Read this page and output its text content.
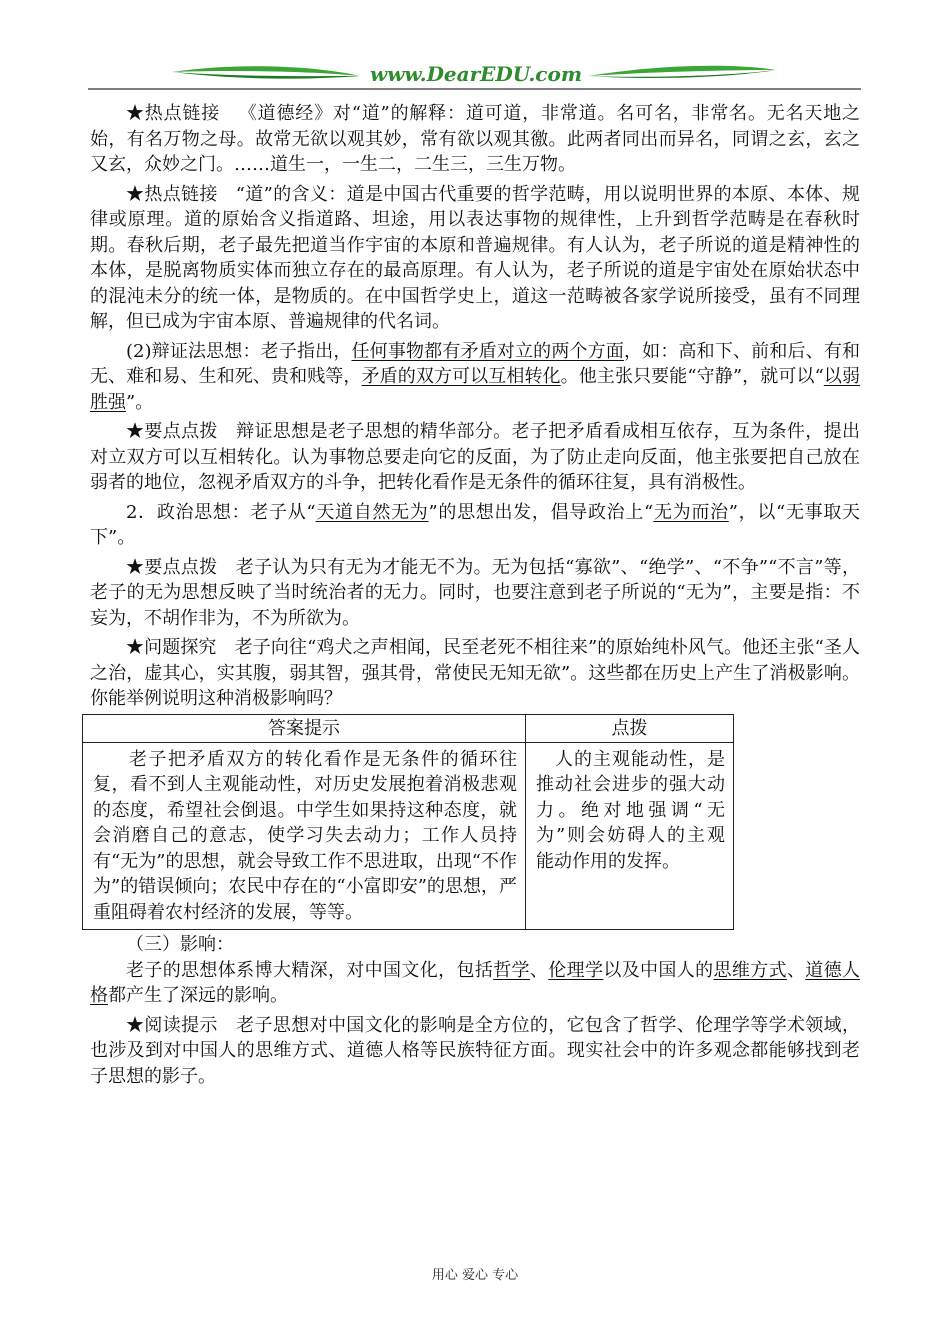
www.DearEDU.com

★热点链接 《道德经》对“道”的解释：道可道，非常道。名可名，非常名。无名天地之始，有名万物之母。故常无欲以观其妙，常有欲以观其徼。此两者同出而异名，同谓之玄，玄之又玄，众妙之门。……道生一，一生二，二生三，三生万物。

★热点链接 “道”的含义：道是中国古代重要的哲学范畴，用以说明世界的本原、本体、规律或原理。道的原始含义指道路、坦途，用以表达事物的规律性，上升到哲学范畴是在春秋时期。春秋后期，老子最先把道当作宇宙的本原和普遍规律。有人认为，老子所说的道是精神性的本体，是脱离物质实体而独立存在的最高原理。有人认为，老子所说的道是宇宙处在原始状态中的混沌未分的统一体，是物质的。在中国哲学史上，道这一范畴被各家学说所接受，虽有不同理解，但已成为宇宙本原、普遍规律的代名词。

(2)辩证法思想：老子指出，任何事物都有矛盾对立的两个方面，如：高和下、前和后、有和无、难和易、生和死、贵和贱等，矛盾的双方可以互相转化。他主张只要能“守静”，就可以“以弱胜强”。

★要点点拨 辩证思想是老子思想的精华部分。老子把矛盾看成相互依存，互为条件，提出对立双方可以互相转化。认为事物总要走向它的反面，为了防止走向反面，他主张要把自己放在弱者的地位，忽视矛盾双方的斗争，把转化看作是无条件的循环往复，具有消极性。

2．政治思想：老子从“天道自然无为”的思想出发，倡导政治上“无为而治”，以“无事取天下”。

★要点点拨 老子认为只有无为才能无不为。无为包括“寡欲”、“绝学”、“不争”“不言”等，老子的无为思想反映了当时统治者的无力。同时，也要注意到老子所说的“无为”，主要是指：不妄为，不胡作非为，不为所欲为。

★问题探究 老子向往“鸡犬之声相闻，民至老死不相往来”的原始纯朴风气。他还主张“圣人之治，虚其心，实其腹，弱其智，强其骨，常使民无知无欲”。这些都在历史上产生了消极影响。你能举例说明这种消极影响吗？

答案提示	点拨
老子把矛盾双方的转化看作是无条件的循环往复，看不到人主观能动性，对历史发展抱着消极悲观的态度，希望社会倒退。中学生如果持这种态度，就会消磨自己的意志，使学习失去动力；工作人员持有“无为”的思想，就会导致工作不思进取，出现“不作为”的错误倾向；农民中存在的“小富即安”的思想，严重阻碍着农村经济的发展，等等。	人的主观能动性，是推动社会进步的强大动力。绝对地强调“无为”则会妨碍人的主观能动作用的发挥。

（三）影响：

老子的思想体系博大精深，对中国文化，包括哲学、伦理学以及中国人的思维方式、道德人格都产生了深远的影响。

★阅读提示 老子思想对中国文化的影响是全方位的，它包含了哲学、伦理学等学术领域，也涉及到对中国人的思维方式、道德人格等民族特征方面。现实社会中的许多观念都能够找到老子思想的影子。

用心 爱心 专心
